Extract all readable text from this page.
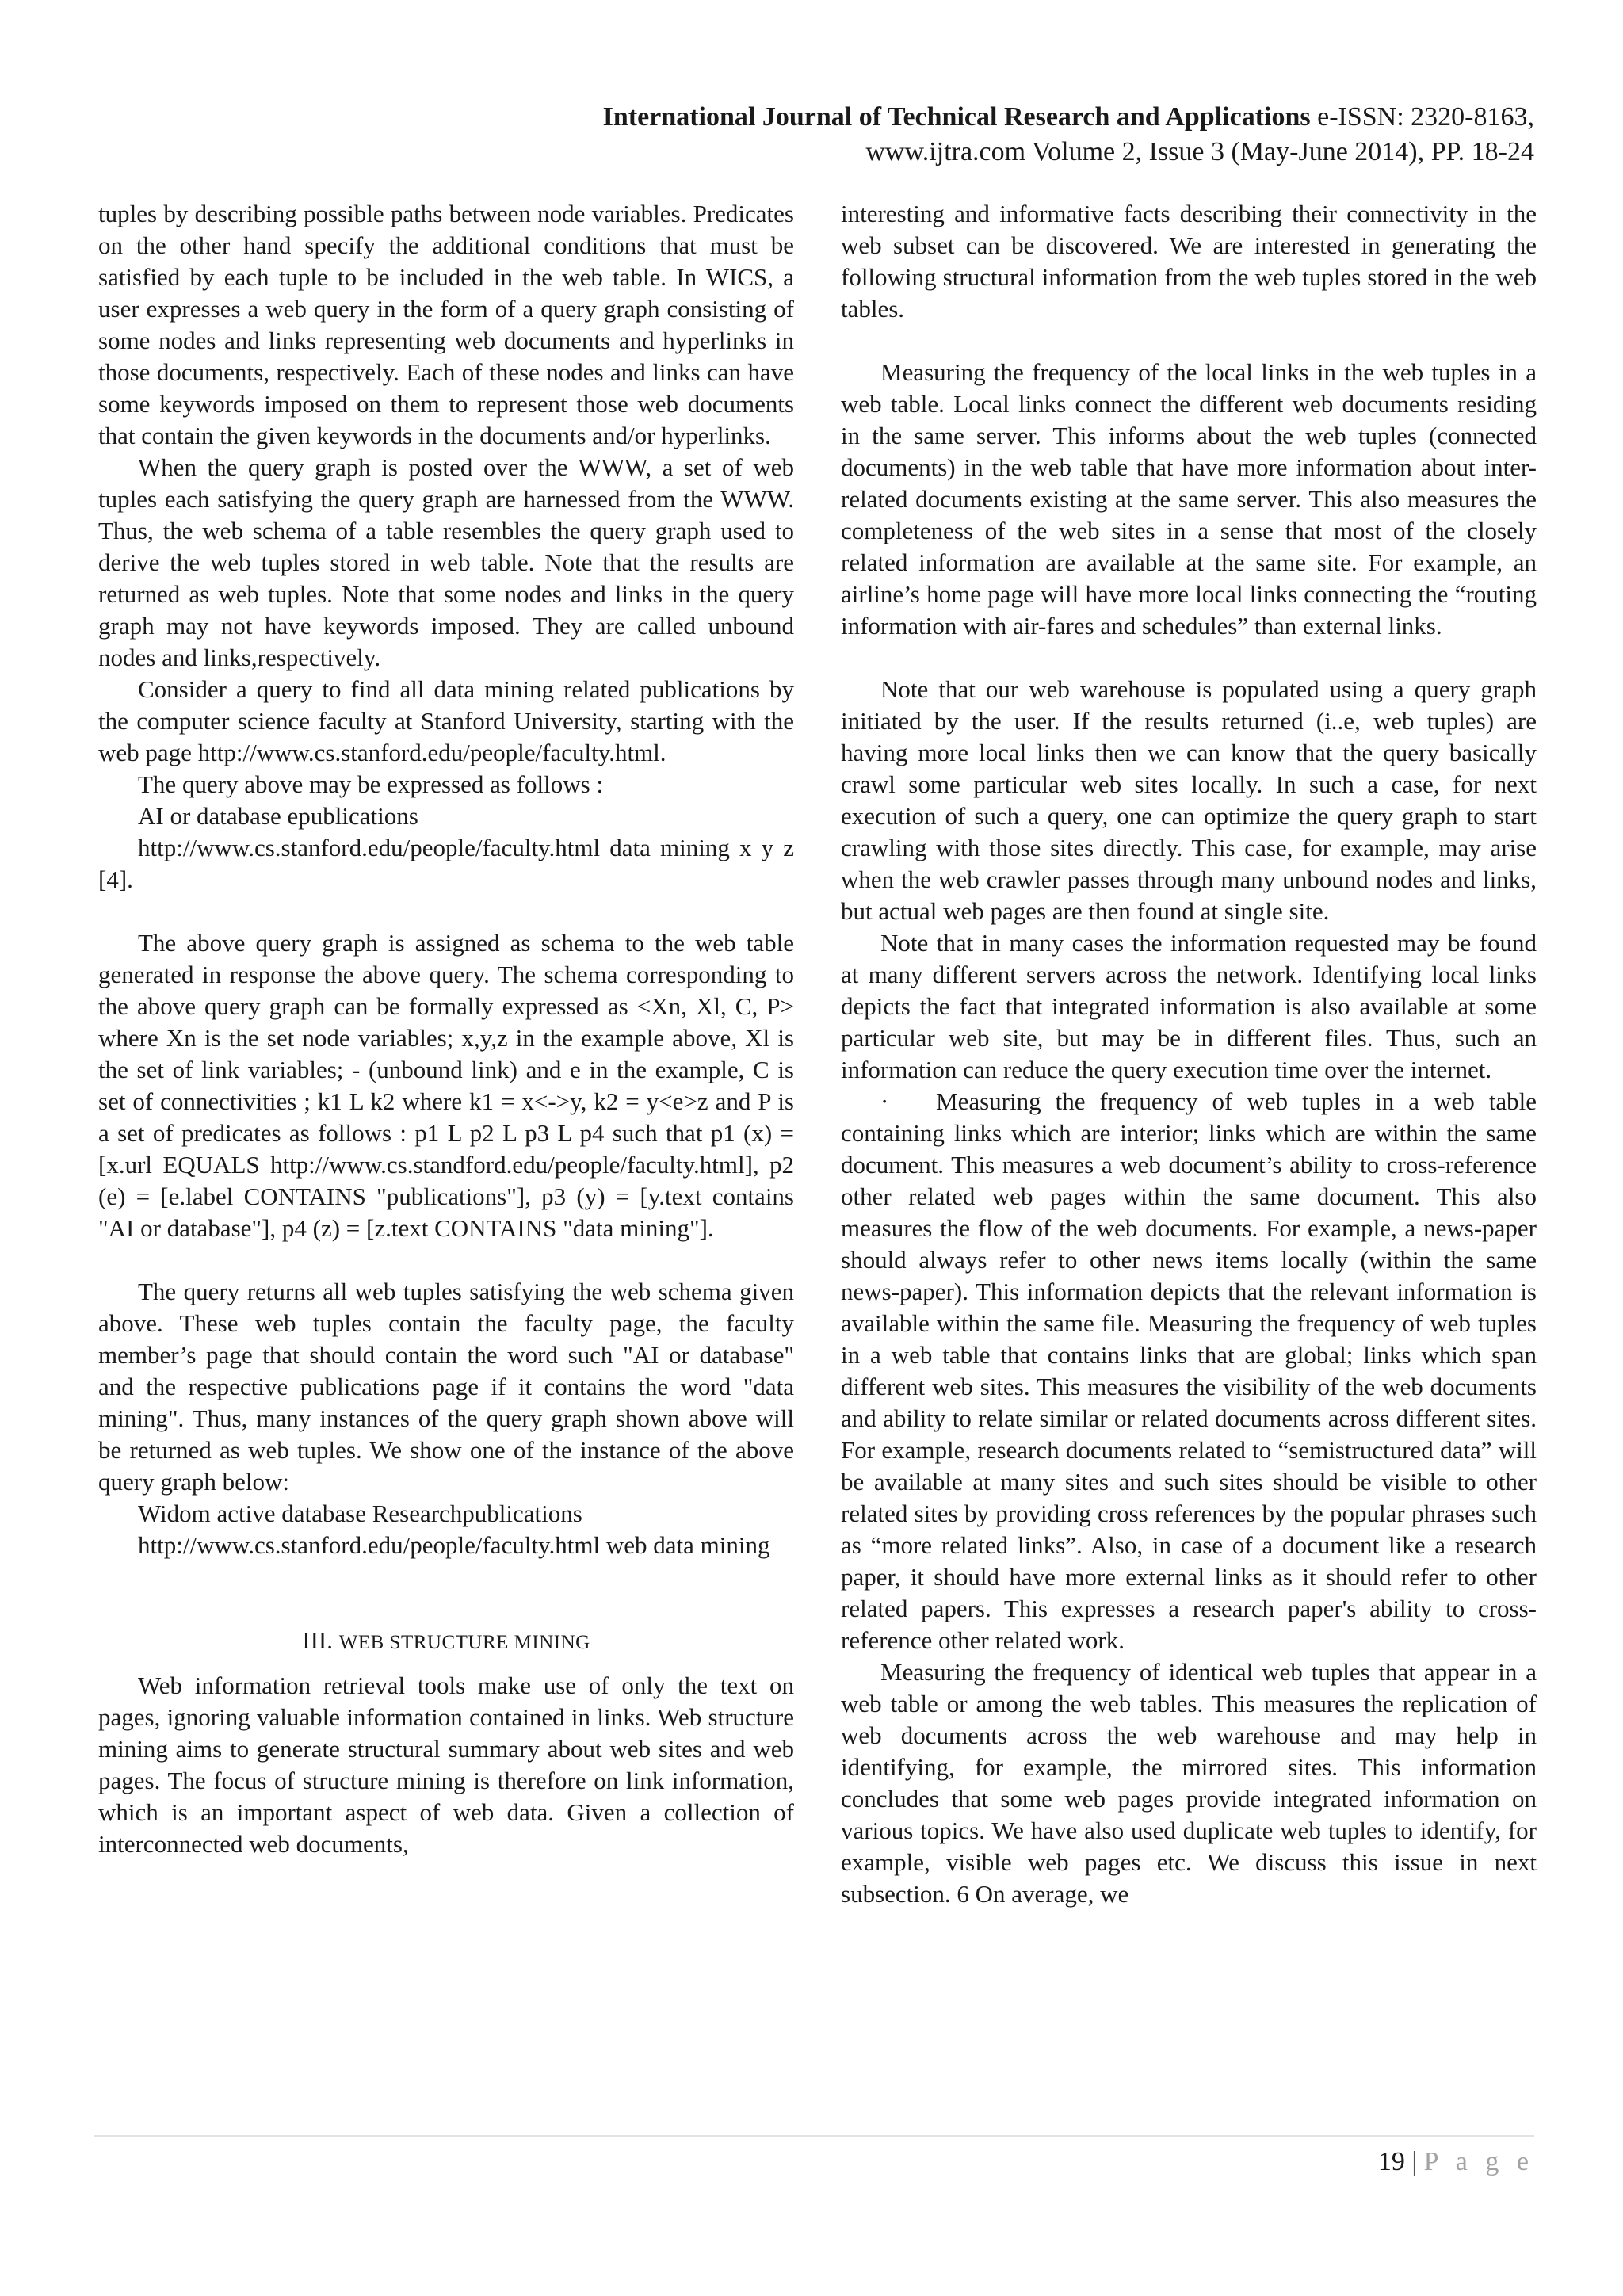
International Journal of Technical Research and Applications e-ISSN: 2320-8163,
www.ijtra.com Volume 2, Issue 3 (May-June 2014), PP. 18-24

tuples by describing possible paths between node variables. Predicates on the other hand specify the additional conditions that must be satisfied by each tuple to be included in the web table. In WICS, a user expresses a web query in the form of a query graph consisting of some nodes and links representing web documents and hyperlinks in those documents, respectively. Each of these nodes and links can have some keywords imposed on them to represent those web documents that contain the given keywords in the documents and/or hyperlinks.

When the query graph is posted over the WWW, a set of web tuples each satisfying the query graph are harnessed from the WWW. Thus, the web schema of a table resembles the query graph used to derive the web tuples stored in web table. Note that the results are returned as web tuples. Note that some nodes and links in the query graph may not have keywords imposed. They are called unbound nodes and links,respectively.

Consider a query to find all data mining related publications by the computer science faculty at Stanford University, starting with the web page http://www.cs.stanford.edu/people/faculty.html.

The query above may be expressed as follows :

AI or database epublications

http://www.cs.stanford.edu/people/faculty.html data mining x y z [4].

The above query graph is assigned as schema to the web table generated in response the above query. The schema corresponding to the above query graph can be formally expressed as <Xn, Xl, C, P> where Xn is the set node variables; x,y,z in the example above, Xl is the set of link variables; - (unbound link) and e in the example, C is set of connectivities ; k1 L k2 where k1 = x<->y, k2 = y<e>z and P is a set of predicates as follows : p1 L p2 L p3 L p4 such that p1 (x) = [x.url EQUALS http://www.cs.standford.edu/people/faculty.html], p2 (e) = [e.label CONTAINS "publications"], p3 (y) = [y.text contains "AI or database"], p4 (z) = [z.text CONTAINS "data mining"].

The query returns all web tuples satisfying the web schema given above. These web tuples contain the faculty page, the faculty member’s page that should contain the word such "AI or database" and the respective publications page if it contains the word "data mining". Thus, many instances of the query graph shown above will be returned as web tuples. We show one of the instance of the above query graph below:

Widom active database Researchpublications

http://www.cs.stanford.edu/people/faculty.html web data mining

III. WEB STRUCTURE MINING

Web information retrieval tools make use of only the text on pages, ignoring valuable information contained in links. Web structure mining aims to generate structural summary about web sites and web pages. The focus of structure mining is therefore on link information, which is an important aspect of web data. Given a collection of interconnected web documents,

interesting and informative facts describing their connectivity in the web subset can be discovered. We are interested in generating the following structural information from the web tuples stored in the web tables.

Measuring the frequency of the local links in the web tuples in a web table. Local links connect the different web documents residing in the same server. This informs about the web tuples (connected documents) in the web table that have more information about inter-related documents existing at the same server. This also measures the completeness of the web sites in a sense that most of the closely related information are available at the same site. For example, an airline’s home page will have more local links connecting the “routing information with air-fares and schedules” than external links.

Note that our web warehouse is populated using a query graph initiated by the user. If the results returned (i..e, web tuples) are having more local links then we can know that the query basically crawl some particular web sites locally. In such a case, for next execution of such a query, one can optimize the query graph to start crawling with those sites directly. This case, for example, may arise when the web crawler passes through many unbound nodes and links, but actual web pages are then found at single site.

Note that in many cases the information requested may be found at many different servers across the network. Identifying local links depicts the fact that integrated information is also available at some particular web site, but may be in different files. Thus, such an information can reduce the query execution time over the internet.

· Measuring the frequency of web tuples in a web table containing links which are interior; links which are within the same document. This measures a web document’s ability to cross-reference other related web pages within the same document. This also measures the flow of the web documents. For example, a news-paper should always refer to other news items locally (within the same news-paper). This information depicts that the relevant information is available within the same file. Measuring the frequency of web tuples in a web table that contains links that are global; links which span different web sites. This measures the visibility of the web documents and ability to relate similar or related documents across different sites. For example, research documents related to “semistructured data” will be available at many sites and such sites should be visible to other related sites by providing cross references by the popular phrases such as “more related links”. Also, in case of a document like a research paper, it should have more external links as it should refer to other related papers. This expresses a research paper's ability to cross-reference other related work.

Measuring the frequency of identical web tuples that appear in a web table or among the web tables. This measures the replication of web documents across the web warehouse and may help in identifying, for example, the mirrored sites. This information concludes that some web pages provide integrated information on various topics. We have also used duplicate web tuples to identify, for example, visible web pages etc. We discuss this issue in next subsection. 6 On average, we

19 | P a g e
